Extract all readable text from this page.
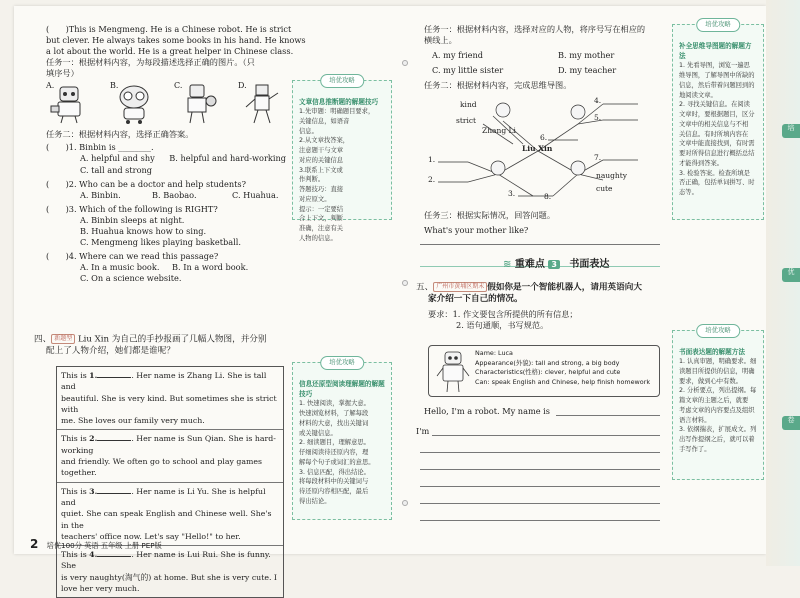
(　　)This is Mengmeng. He is a Chinese robot. He is strict
but clever. He always takes some books in his hand. He knows
a lot about the world. He is a great helper in Chinese class.
任务一：根据材料内容，为每段描述选择正确的图片。（只
填序号）
A.	B.	C.	D.
任务二：根据材料内容，选择正确答案。
(　　)1. Binbin is ________.
A. helpful and shy	B. helpful and hard-working
C. tall and strong
(　　)2. Who can be a doctor and help students?
A. Binbin.	B. Baobao.	C. Huahua.
(　　)3. Which of the following is RIGHT?
A. Binbin sleeps at night.
B. Huahua knows how to sing.
C. Mengmeng likes playing basketball.
(　　)4. Where can we read this passage?
A. In a music book.	B. In a word book.
C. On a science website.
四、 新题型 Liu Xin 为自己的手抄报画了几幅人物图，并分别
配上了人物介绍，她们都是谁呢？
This is 1.	. Her name is Zhang Li. She is tall and
beautiful. She is very kind. But sometimes she is strict with
me. She loves our family very much.
This is 2.	. Her name is Sun Qian. She is hard-working
and friendly. We often go to school and play games together.
This is 3.	. Her name is Li Yu. She is helpful and
quiet. She can speak English and Chinese well. She's in the
teachers' office now. Let's say "Hello!" to her.
This is 4.	. Her name is Lui Rui. She is funny. She
is very naughty(淘气的) at home. But she is very cute. I
love her very much.
培优攻略
文章信息推断题的解题技巧
1.先审题：明确题目要求，
关键信息，如语音
信息。
2.从文章找答案，
注意题干与文章
对应的关键信息
3.联系上下文或
作判断。
答题技巧：直接
对应原文。
提示：一定要结
合上下文，判断
准确，注意有关
人物的信息。
培优攻略
信息还原型阅读理解题的解题技巧
1. 快速阅读，掌握大意。
快速浏览材料，了解每段
材料的大意，找出关键词
或关键信息。
2. 细读题目，理解意思。
仔细阅读待还原内容，理
解每个句子或词汇的意思。
3. 信息匹配，得出结论。
将每段材料中的关键词与
待还原内容相匹配，最后
得出结论。
任务一：根据材料内容，选择对应的人物，将序号写在相应的
横线上。
A. my friend	B. my mother
C. my little sister	D. my teacher
任务二：根据材料内容，完成思维导图。
kind
strict
Zhang Li
Liu Xin
1.
2.
8.
4.
5.
6.
7.
3.
naughty
cute
任务三：根据实际情况，回答问题。
What's your mother like?
≋ 重难点 3 书面表达
五、 广州市黄埔区期末 假如你是一个智能机器人，请用英语向大
家介绍一下自己的情况。
要求：1. 作文要包含所提供的所有信息；
2. 语句通顺，书写规范。
Name: Luca
Appearance(外貌): tall and strong, a big body
Characteristics(性格): clever, helpful and cute
Can: speak English and Chinese, help finish homework
Hello, I'm a robot. My name is
I'm
培优攻略
补全思维导图题的解题方法
1. 先看导图，浏览一遍思
维导图，了解导图中所缺的
信息，然后带着问题回到的
地阅读文章。
2. 寻找关键信息。在阅读
文章时，要根据题目，区分
文章中的相关信息与不相
关信息。有时所填内容在
文章中能直接找到，有时需
要对所得信息进行概括总结
才能得到答案。
3. 检验答案。检查所填是
否正确，包括单词拼写、时
态等。
培优攻略
书面表达题的解题方法
1. 认真审题，明确要求。细
读题目所提供的信息，明确
要求，做到心中有数。
2. 分析要点，列出提纲。每
篇文章的主题之后，就要
考虑文章的内容要点及组织
语言材料。
3. 依纲揣表，扩展成文。列
出写作提纲之后，就可以着
手写作了。
培
优
卷
2 培优100分 英语 五年级 上册 PEP版
